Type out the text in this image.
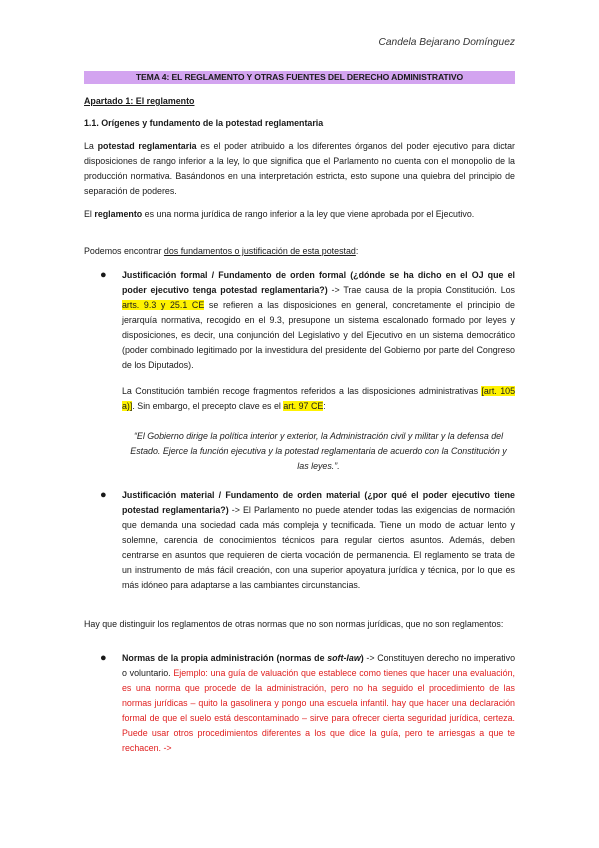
Candela Bejarano Domínguez
TEMA 4: EL REGLAMENTO Y OTRAS FUENTES DEL DERECHO ADMINISTRATIVO
Apartado 1: El reglamento
1.1. Orígenes y fundamento de la potestad reglamentaria
La potestad reglamentaria es el poder atribuido a los diferentes órganos del poder ejecutivo para dictar disposiciones de rango inferior a la ley, lo que significa que el Parlamento no cuenta con el monopolio de la producción normativa. Basándonos en una interpretación estricta, esto supone una quiebra del principio de separación de poderes.
El reglamento es una norma jurídica de rango inferior a la ley que viene aprobada por el Ejecutivo.
Podemos encontrar dos fundamentos o justificación de esta potestad:
● Justificación formal / Fundamento de orden formal (¿dónde se ha dicho en el OJ que el poder ejecutivo tenga potestad reglamentaria?) -> Trae causa de la propia Constitución. Los arts. 9.3 y 25.1 CE se refieren a las disposiciones en general, concretamente el principio de jerarquía normativa, recogido en el 9.3, presupone un sistema escalonado formado por leyes y disposiciones, es decir, una conjunción del Legislativo y del Ejecutivo en un sistema democrático (poder combinado legitimado por la investidura del presidente del Gobierno por parte del Congreso de los Diputados).
La Constitución también recoge fragmentos referidos a las disposiciones administrativas [art. 105 a)]. Sin embargo, el precepto clave es el art. 97 CE:
“El Gobierno dirige la política interior y exterior, la Administración civil y militar y la defensa del Estado. Ejerce la función ejecutiva y la potestad reglamentaria de acuerdo con la Constitución y las leyes.”.
● Justificación material / Fundamento de orden material (¿por qué el poder ejecutivo tiene potestad reglamentaria?) -> El Parlamento no puede atender todas las exigencias de normación que demanda una sociedad cada más compleja y tecnificada. Tiene un modo de actuar lento y solemne, carencia de conocimientos técnicos para regular ciertos asuntos. Además, deben centrarse en asuntos que requieren de cierta vocación de permanencia. El reglamento se trata de un instrumento de más fácil creación, con una superior apoyatura jurídica y técnica, por lo que es más idóneo para adaptarse a las cambiantes circunstancias.
Hay que distinguir los reglamentos de otras normas que no son normas jurídicas, que no son reglamentos:
● Normas de la propia administración (normas de soft-law) -> Constituyen derecho no imperativo o voluntario. Ejemplo: una guía de valuación que establece como tienes que hacer una evaluación, es una norma que procede de la administración, pero no ha seguido el procedimiento de las normas jurídicas – quito la gasolinera y pongo una escuela infantil. hay que hacer una declaración formal de que el suelo está descontaminado – sirve para ofrecer cierta seguridad jurídica, certeza. Puede usar otros procedimientos diferentes a los que dice la guía, pero te arriesgas a que te rechacen. ->
